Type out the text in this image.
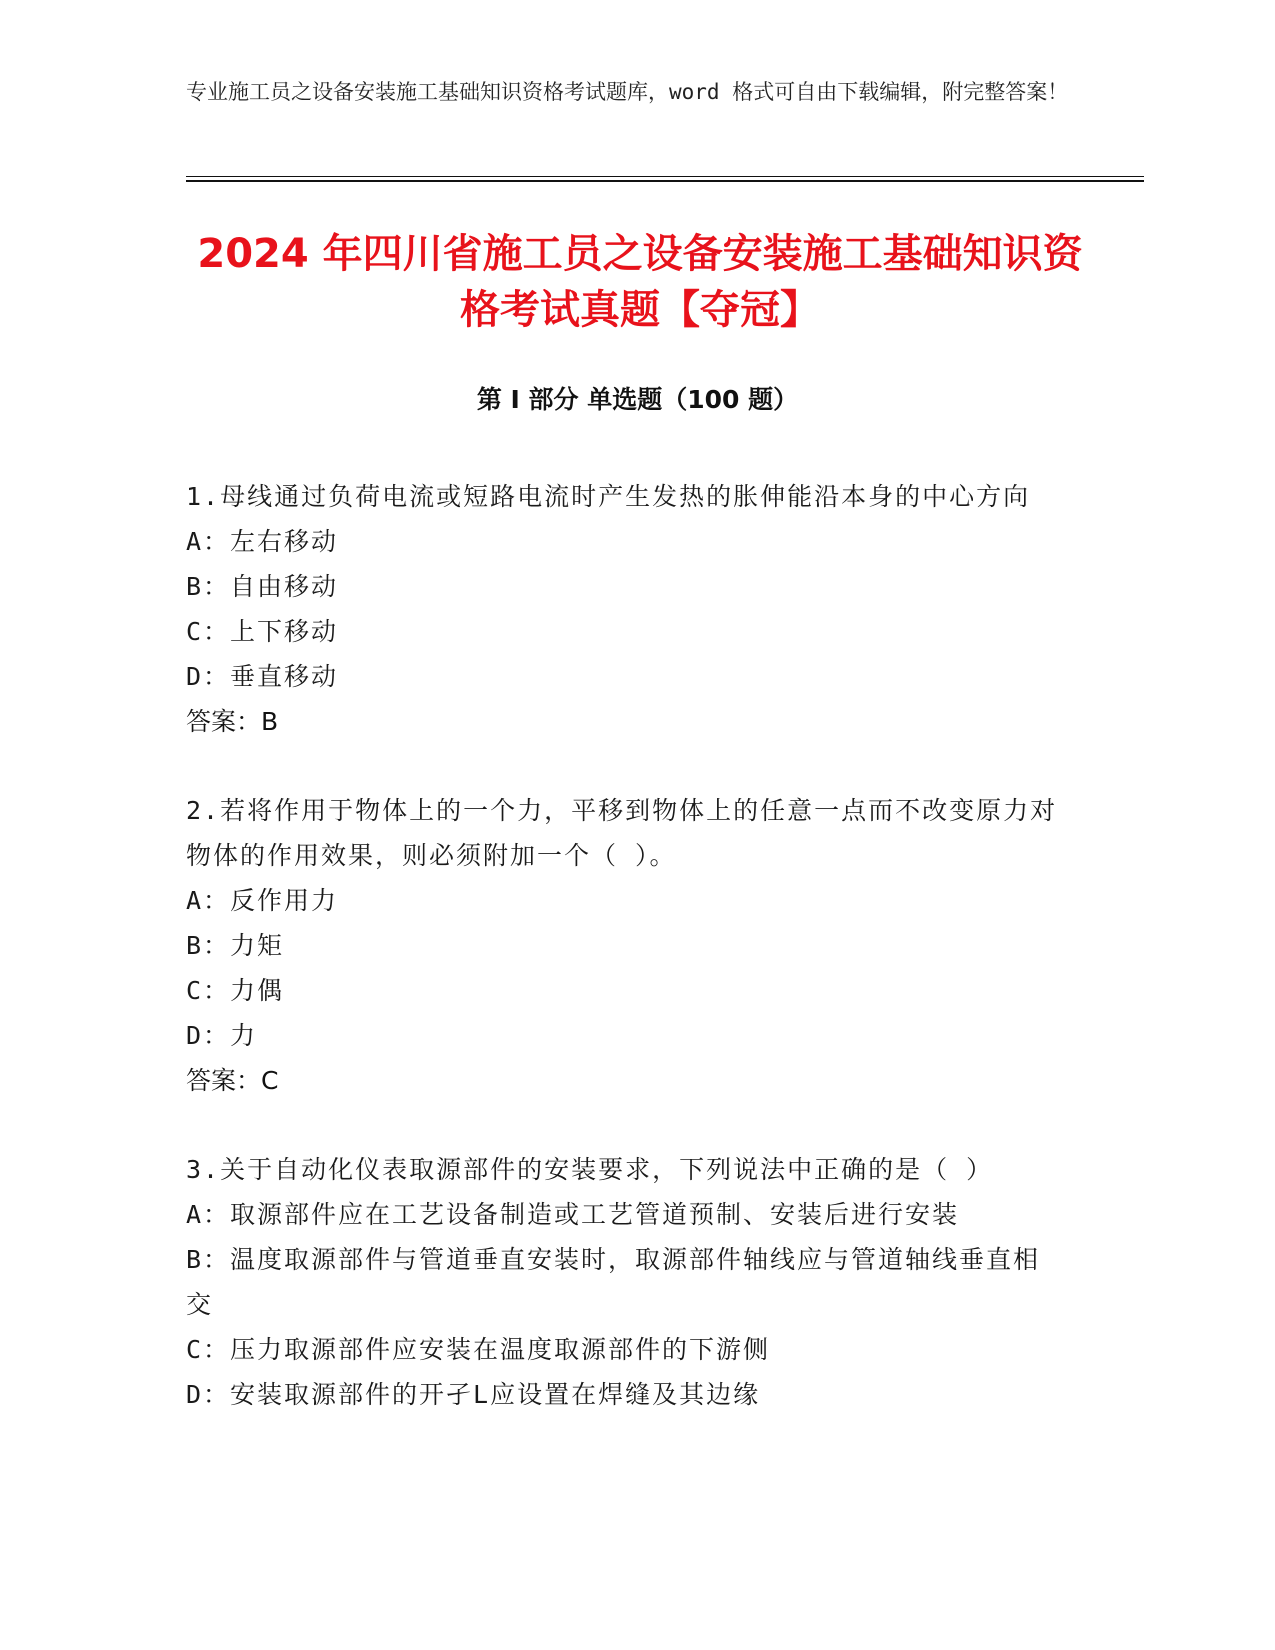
专业施工员之设备安装施工基础知识资格考试题库，word 格式可自由下载编辑，附完整答案！
2024 年四川省施工员之设备安装施工基础知识资格考试真题【夺冠】
第 I 部分 单选题（100 题）

1.母线通过负荷电流或短路电流时产生发热的胀伸能沿本身的中心方向

A：左右移动

B：自由移动

C：上下移动

D：垂直移动

答案：B

2.若将作用于物体上的一个力，平移到物体上的任意一点而不改变原力对物体的作用效果，则必须附加一个（ ）。

A：反作用力

B：力矩

C：力偶

D：力

答案：C

3.关于自动化仪表取源部件的安装要求，下列说法中正确的是（ ）

A：取源部件应在工艺设备制造或工艺管道预制、安装后进行安装

B：温度取源部件与管道垂直安装时，取源部件轴线应与管道轴线垂直相交

C：压力取源部件应安装在温度取源部件的下游侧

D：安装取源部件的开孑L应设置在焊缝及其边缘
